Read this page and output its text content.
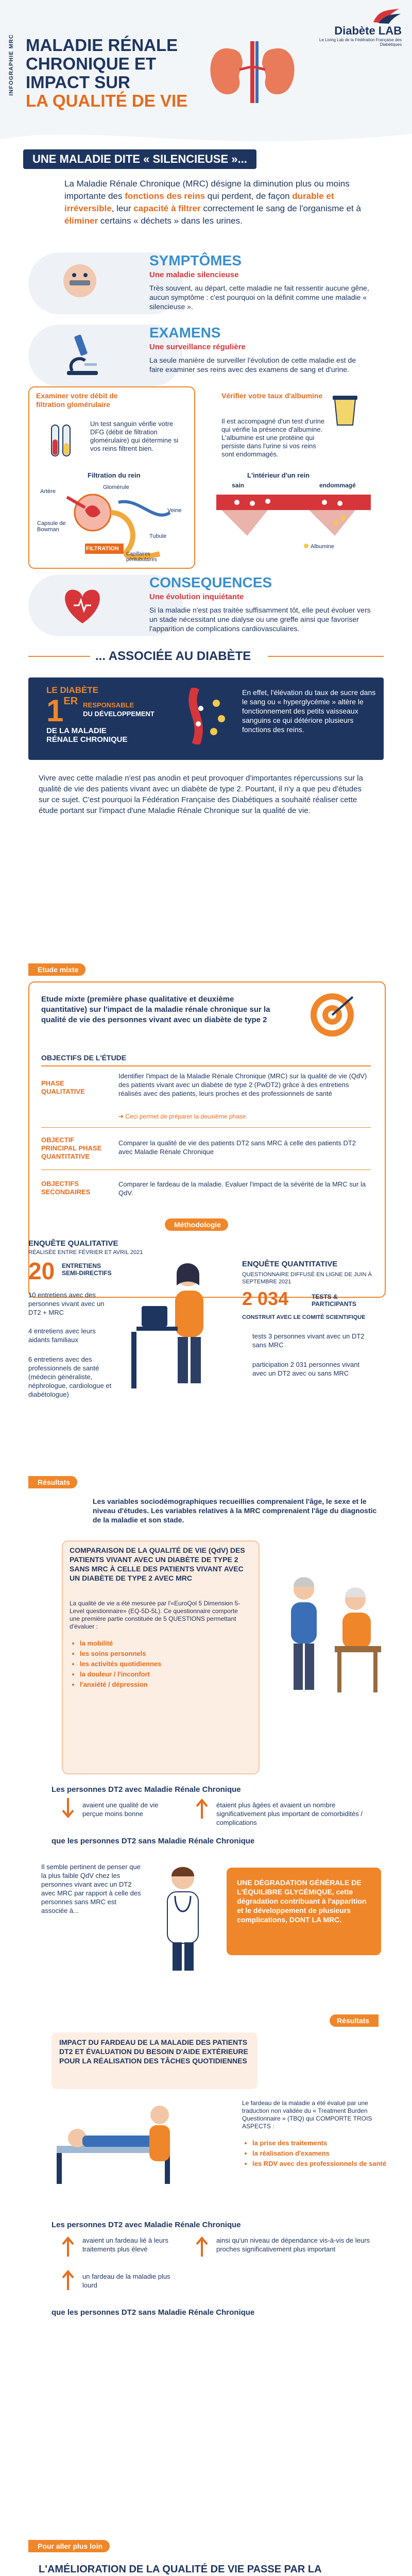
INFOGRAPHIE MRC MALADIE RÉNALE
CHRONIQUE ET
IMPACT SUR
LA QUALITÉ DE VIE
Diabète LAB
Le Living Lab de la Fédération Française des Diabétiques
UNE MALADIE DITE « SILENCIEUSE »...

La Maladie Rénale Chronique (MRC) désigne la diminution plus ou moins importante des fonctions des reins qui perdent, de façon durable et irréversible, leur capacité à filtrer correctement le sang de l'organisme et à éliminer certains « déchets » dans les urines.

SYMPTÔMES
Une maladie silencieuse

Très souvent, au départ, cette maladie ne fait ressentir aucune gêne, aucun symptôme : c'est pourquoi on la définit comme une maladie « silencieuse ».

EXAMENS
Une surveillance régulière

La seule manière de surveiller l'évolution de cette maladie est de faire examiner ses reins avec des examens de sang et d'urine.

Examiner votre débit de filtration glomérulaire

Un test sanguin vérifie votre DFG (débit de filtration glomérulaire) qui détermine si vos reins filtrent bien.

Filtration du rein
Artère
Glomérule
Capsule de Bowman
Veine
Tubule
Capillaires péritubulaires
FILTRATION
Vérifier votre taux d'albumine

Il est accompagné d'un test d'urine qui vérifie la présence d'albumine. L'albumine est une protéine qui persiste dans l'urine si vos reins sont endommagés.

L'intérieur d'un rein
sain	endommagé
Albumine
CONSEQUENCES
Une évolution inquiétante

Si la maladie n'est pas traitée suffisamment tôt, elle peut évoluer vers un stade nécessitant une dialyse ou une greffe ainsi que favoriser l'apparition de complications cardiovasculaires.

... ASSOCIÉE AU DIABÈTE
LE DIABÈTE
1 ER RESPONSABLE
DU DÉVELOPPEMENT
DE LA MALADIE
RÉNALE CHRONIQUE

En effet, l'élévation du taux de sucre dans le sang ou « hyperglycémie » altère le fonctionnement des petits vaisseaux sanguins ce qui détériore plusieurs fonctions des reins.

Vivre avec cette maladie n'est pas anodin et peut provoquer d'importantes répercussions sur la qualité de vie des patients vivant avec un diabète de type 2. Pourtant, il n'y a que peu d'études sur ce sujet. C'est pourquoi la Fédération Française des Diabétiques a souhaité réaliser cette étude portant sur l'impact d'une Maladie Rénale Chronique sur la qualité de vie.

Etude mixte

Etude mixte (première phase qualitative et deuxième quantitative) sur l'impact de la maladie rénale chronique sur la qualité de vie des personnes vivant avec un diabète de type 2

OBJECTIFS DE L'ÉTUDE
PHASE QUALITATIVE

Identifier l'impact de la Maladie Rénale Chronique (MRC) sur la qualité de vie (QdV) des patients vivant avec un diabète de type 2 (PwDT2) grâce à des entretiens réalisés avec des patients, leurs proches et des professionnels de santé

➜ Ceci permet de préparer la deuxième phase.
OBJECTIF PRINCIPAL PHASE QUANTITATIVE

Comparer la qualité de vie des patients DT2 sans MRC à celle des patients DT2 avec Maladie Rénale Chronique

OBJECTIFS SECONDAIRES

Comparer le fardeau de la maladie. Evaluer l'impact de la sévérité de la MRC sur la QdV.

Méthodologie
ENQUÊTE QUALITATIVE
RÉALISÉE ENTRE FÉVRIER ET AVRIL 2021
20 ENTRETIENS SEMI-DIRECTIFS

10 entretiens avec des personnes vivant avec un DT2 + MRC

4 entretiens avec leurs aidants familiaux

6 entretiens avec des professionnels de santé (médecin généraliste, néphrologue, cardiologue et diabétologue)

ENQUÊTE QUANTITATIVE
QUESTIONNAIRE DIFFUSÉ EN LIGNE DE JUIN À SEPTEMBRE 2021
2 034	TESTS & PARTICIPANTS
CONSTRUIT AVEC LE COMITÉ SCIENTIFIQUE

tests 3 personnes vivant avec un DT2 sans MRC

participation 2 031 personnes vivant avec un DT2 avec ou sans MRC

Résultats

Les variables sociodémographiques recueillies comprenaient l'âge, le sexe et le niveau d'études. Les variables relatives à la MRC comprenaient l'âge du diagnostic de la maladie et son stade.

COMPARAISON DE LA QUALITÉ DE VIE (QdV) DES PATIENTS VIVANT AVEC UN DIABÈTE DE TYPE 2 SANS MRC À CELLE DES PATIENTS VIVANT AVEC UN DIABÈTE DE TYPE 2 AVEC MRC

La qualité de vie a été mesurée par l'«EuroQol 5 Dimension 5-Level questionnaire» (EQ-5D-5L). Ce questionnaire comporte une première partie constituée de 5 QUESTIONS permettant d'évaluer :

• la mobilité
• les soins personnels
• les activités quotidiennes
• la douleur / l'inconfort
• l'anxiété / dépression
Les personnes DT2 avec Maladie Rénale Chronique
avaient une qualité de vie perçue moins bonne
étaient plus âgées et avaient un nombre significativement plus important de comorbidités / complications
que les personnes DT2 sans Maladie Rénale Chronique

Il semble pertinent de penser que la plus faible QdV chez les personnes vivant avec un DT2 avec MRC par rapport à celle des personnes sans MRC est associée à...

UNE DÉGRADATION GÉNÉRALE DE L'ÉQUILIBRE GLYCÉMIQUE, cette dégradation contribuant à l'apparition et le développement de plusieurs complications, DONT LA MRC.

Résultats
IMPACT DU FARDEAU DE LA MALADIE DES PATIENTS DT2 ET ÉVALUATION DU BESOIN D'AIDE EXTÉRIEURE POUR LA RÉALISATION DES TÂCHES QUOTIDIENNES

Le fardeau de la maladie a été évalué par une traduction non validée du « Treatment Burden Questionnaire » (TBQ) qui COMPORTE TROIS ASPECTS :

• la prise des traitements
• la réalisation d'examens
• les RDV avec des professionnels de santé
Les personnes DT2 avec Maladie Rénale Chronique
avaient un fardeau lié à leurs traitements plus élevé
un fardeau de la maladie plus lourd
ainsi qu'un niveau de dépendance vis-à-vis de leurs proches significativement plus important
que les personnes DT2 sans Maladie Rénale Chronique
Pour aller plus loin
L'AMÉLIORATION DE LA QUALITÉ DE VIE PASSE PAR LA
